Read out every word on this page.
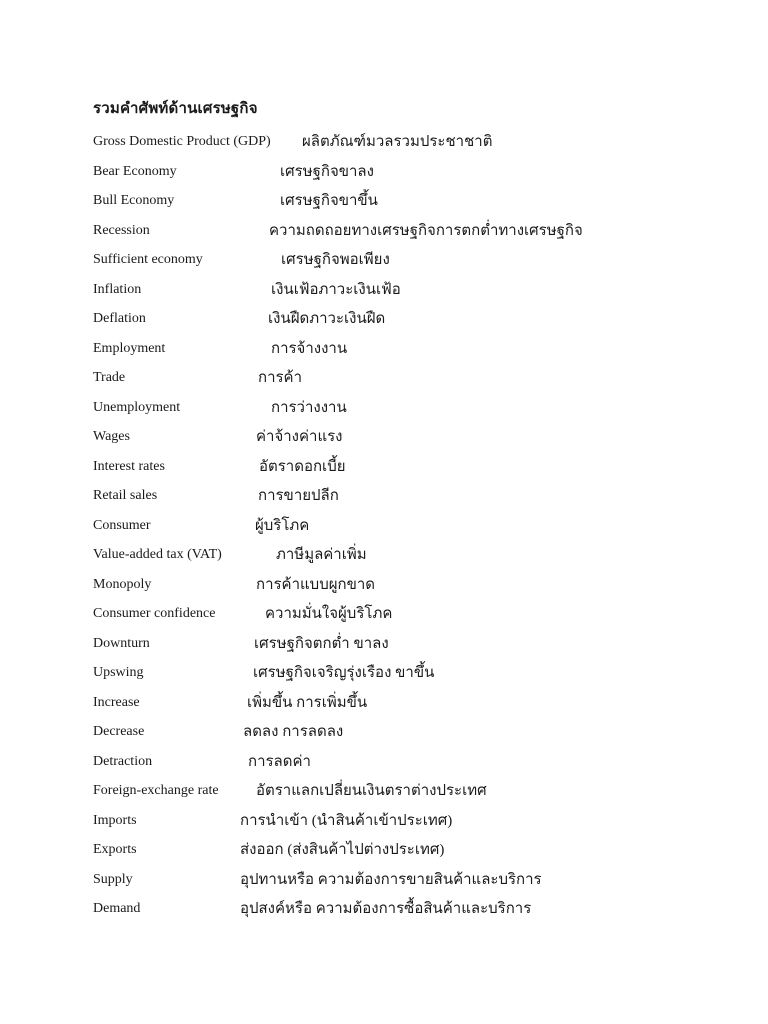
รวมคำศัพท์ด้านเศรษฐกิจ
Gross Domestic Product (GDP) ผลิตภัณฑ์มวลรวมประชาชาติ
Bear Economy	เศรษฐกิจขาลง
Bull Economy	เศรษฐกิจขาขึ้น
Recession	ความถดถอยทางเศรษฐกิจการตกต่ำทางเศรษฐกิจ
Sufficient economy	เศรษฐกิจพอเพียง
Inflation	เงินเฟ้อภาวะเงินเฟ้อ
Deflation	เงินฝืดภาวะเงินฝืด
Employment	การจ้างงาน
Trade	การค้า
Unemployment	การว่างงาน
Wages	ค่าจ้างค่าแรง
Interest rates	อัตราดอกเบี้ย
Retail sales	การขายปลีก
Consumer	ผู้บริโภค
Value-added tax (VAT)	ภาษีมูลค่าเพิ่ม
Monopoly	การค้าแบบผูกขาด
Consumer confidence	ความมั่นใจผู้บริโภค
Downturn	เศรษฐกิจตกต่ำ ขาลง
Upswing	เศรษฐกิจเจริญรุ่งเรือง ขาขึ้น
Increase	เพิ่มขึ้น การเพิ่มขึ้น
Decrease	ลดลง การลดลง
Detraction	การลดค่า
Foreign-exchange rate อัตราแลกเปลี่ยนเงินตราต่างประเทศ
Imports	การนำเข้า (นำสินค้าเข้าประเทศ)
Exports	ส่งออก (ส่งสินค้าไปต่างประเทศ)
Supply	อุปทานหรือ ความต้องการขายสินค้าและบริการ
Demand	อุปสงค์หรือ ความต้องการซื้อสินค้าและบริการ
